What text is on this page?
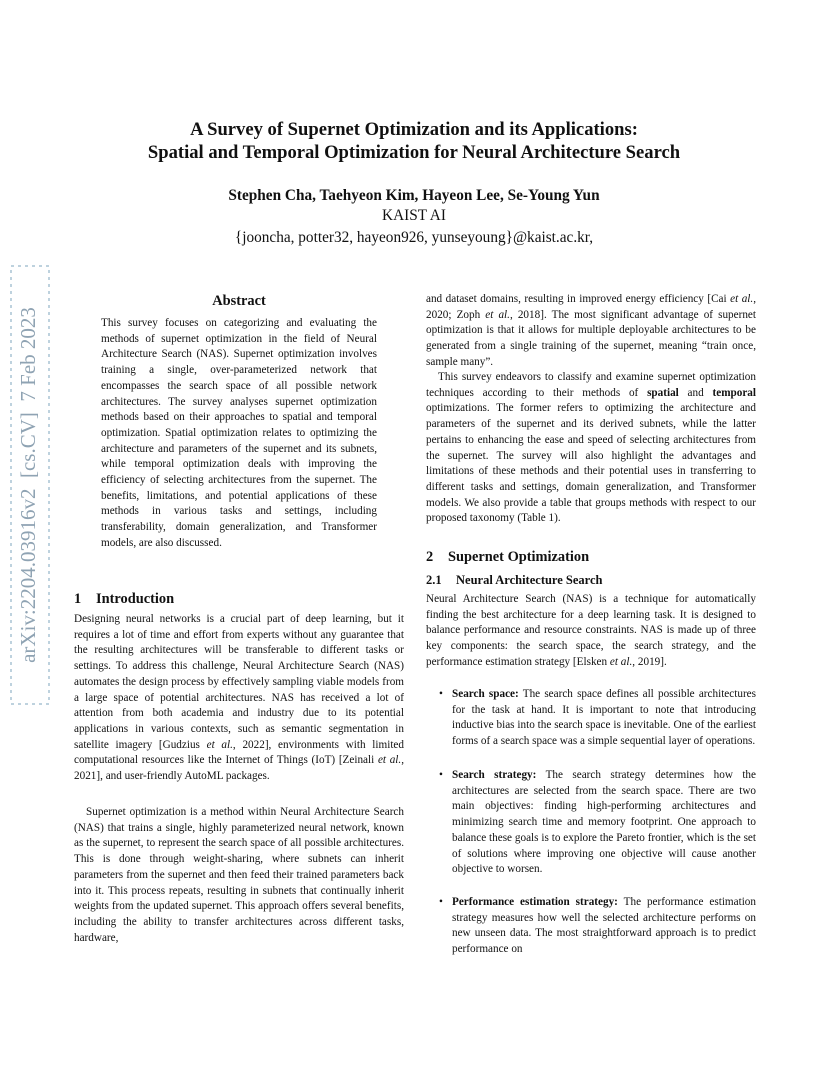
arXiv:2204.03916v2  [cs.CV]  7 Feb 2023
A Survey of Supernet Optimization and its Applications:
Spatial and Temporal Optimization for Neural Architecture Search
Stephen Cha, Taehyeon Kim, Hayeon Lee, Se-Young Yun
KAIST AI
{jooncha, potter32, hayeon926, yunseyoung}@kaist.ac.kr,
Abstract

This survey focuses on categorizing and evaluating the methods of supernet optimization in the field of Neural Architecture Search (NAS). Supernet optimization involves training a single, over-parameterized network that encompasses the search space of all possible network architectures. The survey analyses supernet optimization methods based on their approaches to spatial and temporal optimization. Spatial optimization relates to optimizing the architecture and parameters of the supernet and its subnets, while temporal optimization deals with improving the efficiency of selecting architectures from the supernet. The benefits, limitations, and potential applications of these methods in various tasks and settings, including transferability, domain generalization, and Transformer models, are also discussed.

1 Introduction

Designing neural networks is a crucial part of deep learning, but it requires a lot of time and effort from experts without any guarantee that the resulting architectures will be transferable to different tasks or settings. To address this challenge, Neural Architecture Search (NAS) automates the design process by effectively sampling viable models from a large space of potential architectures. NAS has received a lot of attention from both academia and industry due to its potential applications in various contexts, such as semantic segmentation in satellite imagery [Gudzius et al., 2022], environments with limited computational resources like the Internet of Things (IoT) [Zeinali et al., 2021], and user-friendly AutoML packages.

Supernet optimization is a method within Neural Architecture Search (NAS) that trains a single, highly parameterized neural network, known as the supernet, to represent the search space of all possible architectures. This is done through weight-sharing, where subnets can inherit parameters from the supernet and then feed their trained parameters back into it. This process repeats, resulting in subnets that continually inherit weights from the updated supernet. This approach offers several benefits, including the ability to transfer architectures across different tasks, hardware,

and dataset domains, resulting in improved energy efficiency [Cai et al., 2020; Zoph et al., 2018]. The most significant advantage of supernet optimization is that it allows for multiple deployable architectures to be generated from a single training of the supernet, meaning “train once, sample many”.

This survey endeavors to classify and examine supernet optimization techniques according to their methods of spatial and temporal optimizations. The former refers to optimizing the architecture and parameters of the supernet and its derived subnets, while the latter pertains to enhancing the ease and speed of selecting architectures from the supernet. The survey will also highlight the advantages and limitations of these methods and their potential uses in transferring to different tasks and settings, domain generalization, and Transformer models. We also provide a table that groups methods with respect to our proposed taxonomy (Table 1).

2 Supernet Optimization
2.1 Neural Architecture Search

Neural Architecture Search (NAS) is a technique for automatically finding the best architecture for a deep learning task. It is designed to balance performance and resource constraints. NAS is made up of three key components: the search space, the search strategy, and the performance estimation strategy [Elsken et al., 2019].

• Search space: The search space defines all possible architectures for the task at hand. It is important to note that introducing inductive bias into the search space is inevitable. One of the earliest forms of a search space was a simple sequential layer of operations.

• Search strategy: The search strategy determines how the architectures are selected from the search space. There are two main objectives: finding high-performing architectures and minimizing search time and memory footprint. One approach to balance these goals is to explore the Pareto frontier, which is the set of solutions where improving one objective will cause another objective to worsen.

• Performance estimation strategy: The performance estimation strategy measures how well the selected architecture performs on new unseen data. The most straightforward approach is to predict performance on
